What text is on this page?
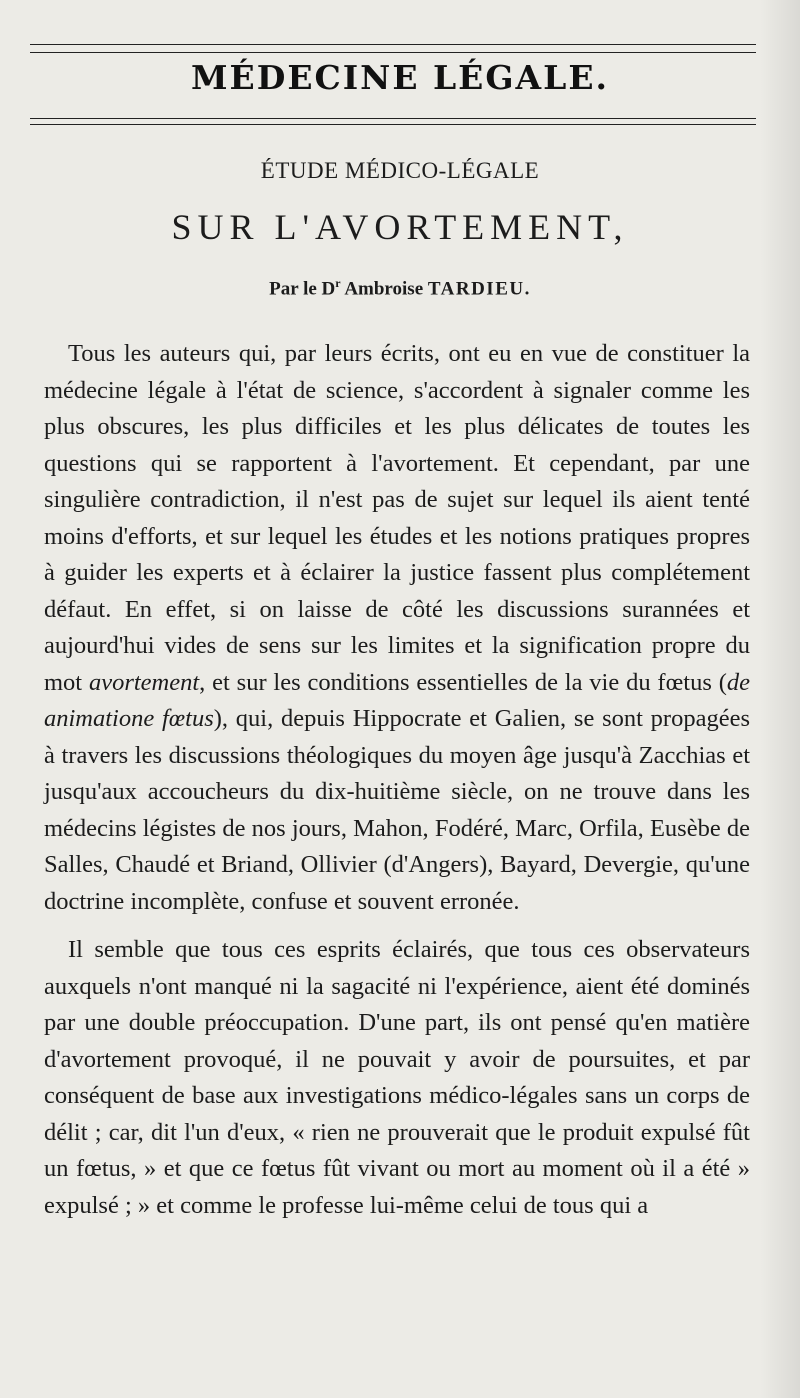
MÉDECINE LÉGALE.
ÉTUDE MÉDICO-LÉGALE
SUR L'AVORTEMENT,
Par le $D^r$ Ambroise TARDIEU.

Tous les auteurs qui, par leurs écrits, ont eu en vue de constituer la médecine légale à l'état de science, s'accordent à signaler comme les plus obscures, les plus difficiles et les plus délicates de toutes les questions qui se rapportent à l'avortement. Et cependant, par une singulière contradiction, il n'est pas de sujet sur lequel ils aient tenté moins d'efforts, et sur lequel les études et les notions pratiques propres à guider les experts et à éclairer la justice fassent plus complétement défaut. En effet, si on laisse de côté les discussions surannées et aujourd'hui vides de sens sur les limites et la signification propre du mot avortement, et sur les conditions essentielles de la vie du fœtus (de animatione fœtus), qui, depuis Hippocrate et Galien, se sont propagées à travers les discussions théologiques du moyen âge jusqu'à Zacchias et jusqu'aux accoucheurs du dix-huitième siècle, on ne trouve dans les médecins légistes de nos jours, Mahon, Fodéré, Marc, Orfila, Eusèbe de Salles, Chaudé et Briand, Ollivier (d'Angers), Bayard, Devergie, qu'une doctrine incomplète, confuse et souvent erronée.

Il semble que tous ces esprits éclairés, que tous ces observateurs auxquels n'ont manqué ni la sagacité ni l'expérience, aient été dominés par une double préoccupation. D'une part, ils ont pensé qu'en matière d'avortement provoqué, il ne pouvait y avoir de poursuites, et par conséquent de base aux investigations médico-légales sans un corps de délit ; car, dit l'un d'eux, « rien ne prouverait que le produit expulsé fût un fœtus, » et que ce fœtus fût vivant ou mort au moment où il a été » expulsé ; » et comme le professe lui-même celui de tous qui a
